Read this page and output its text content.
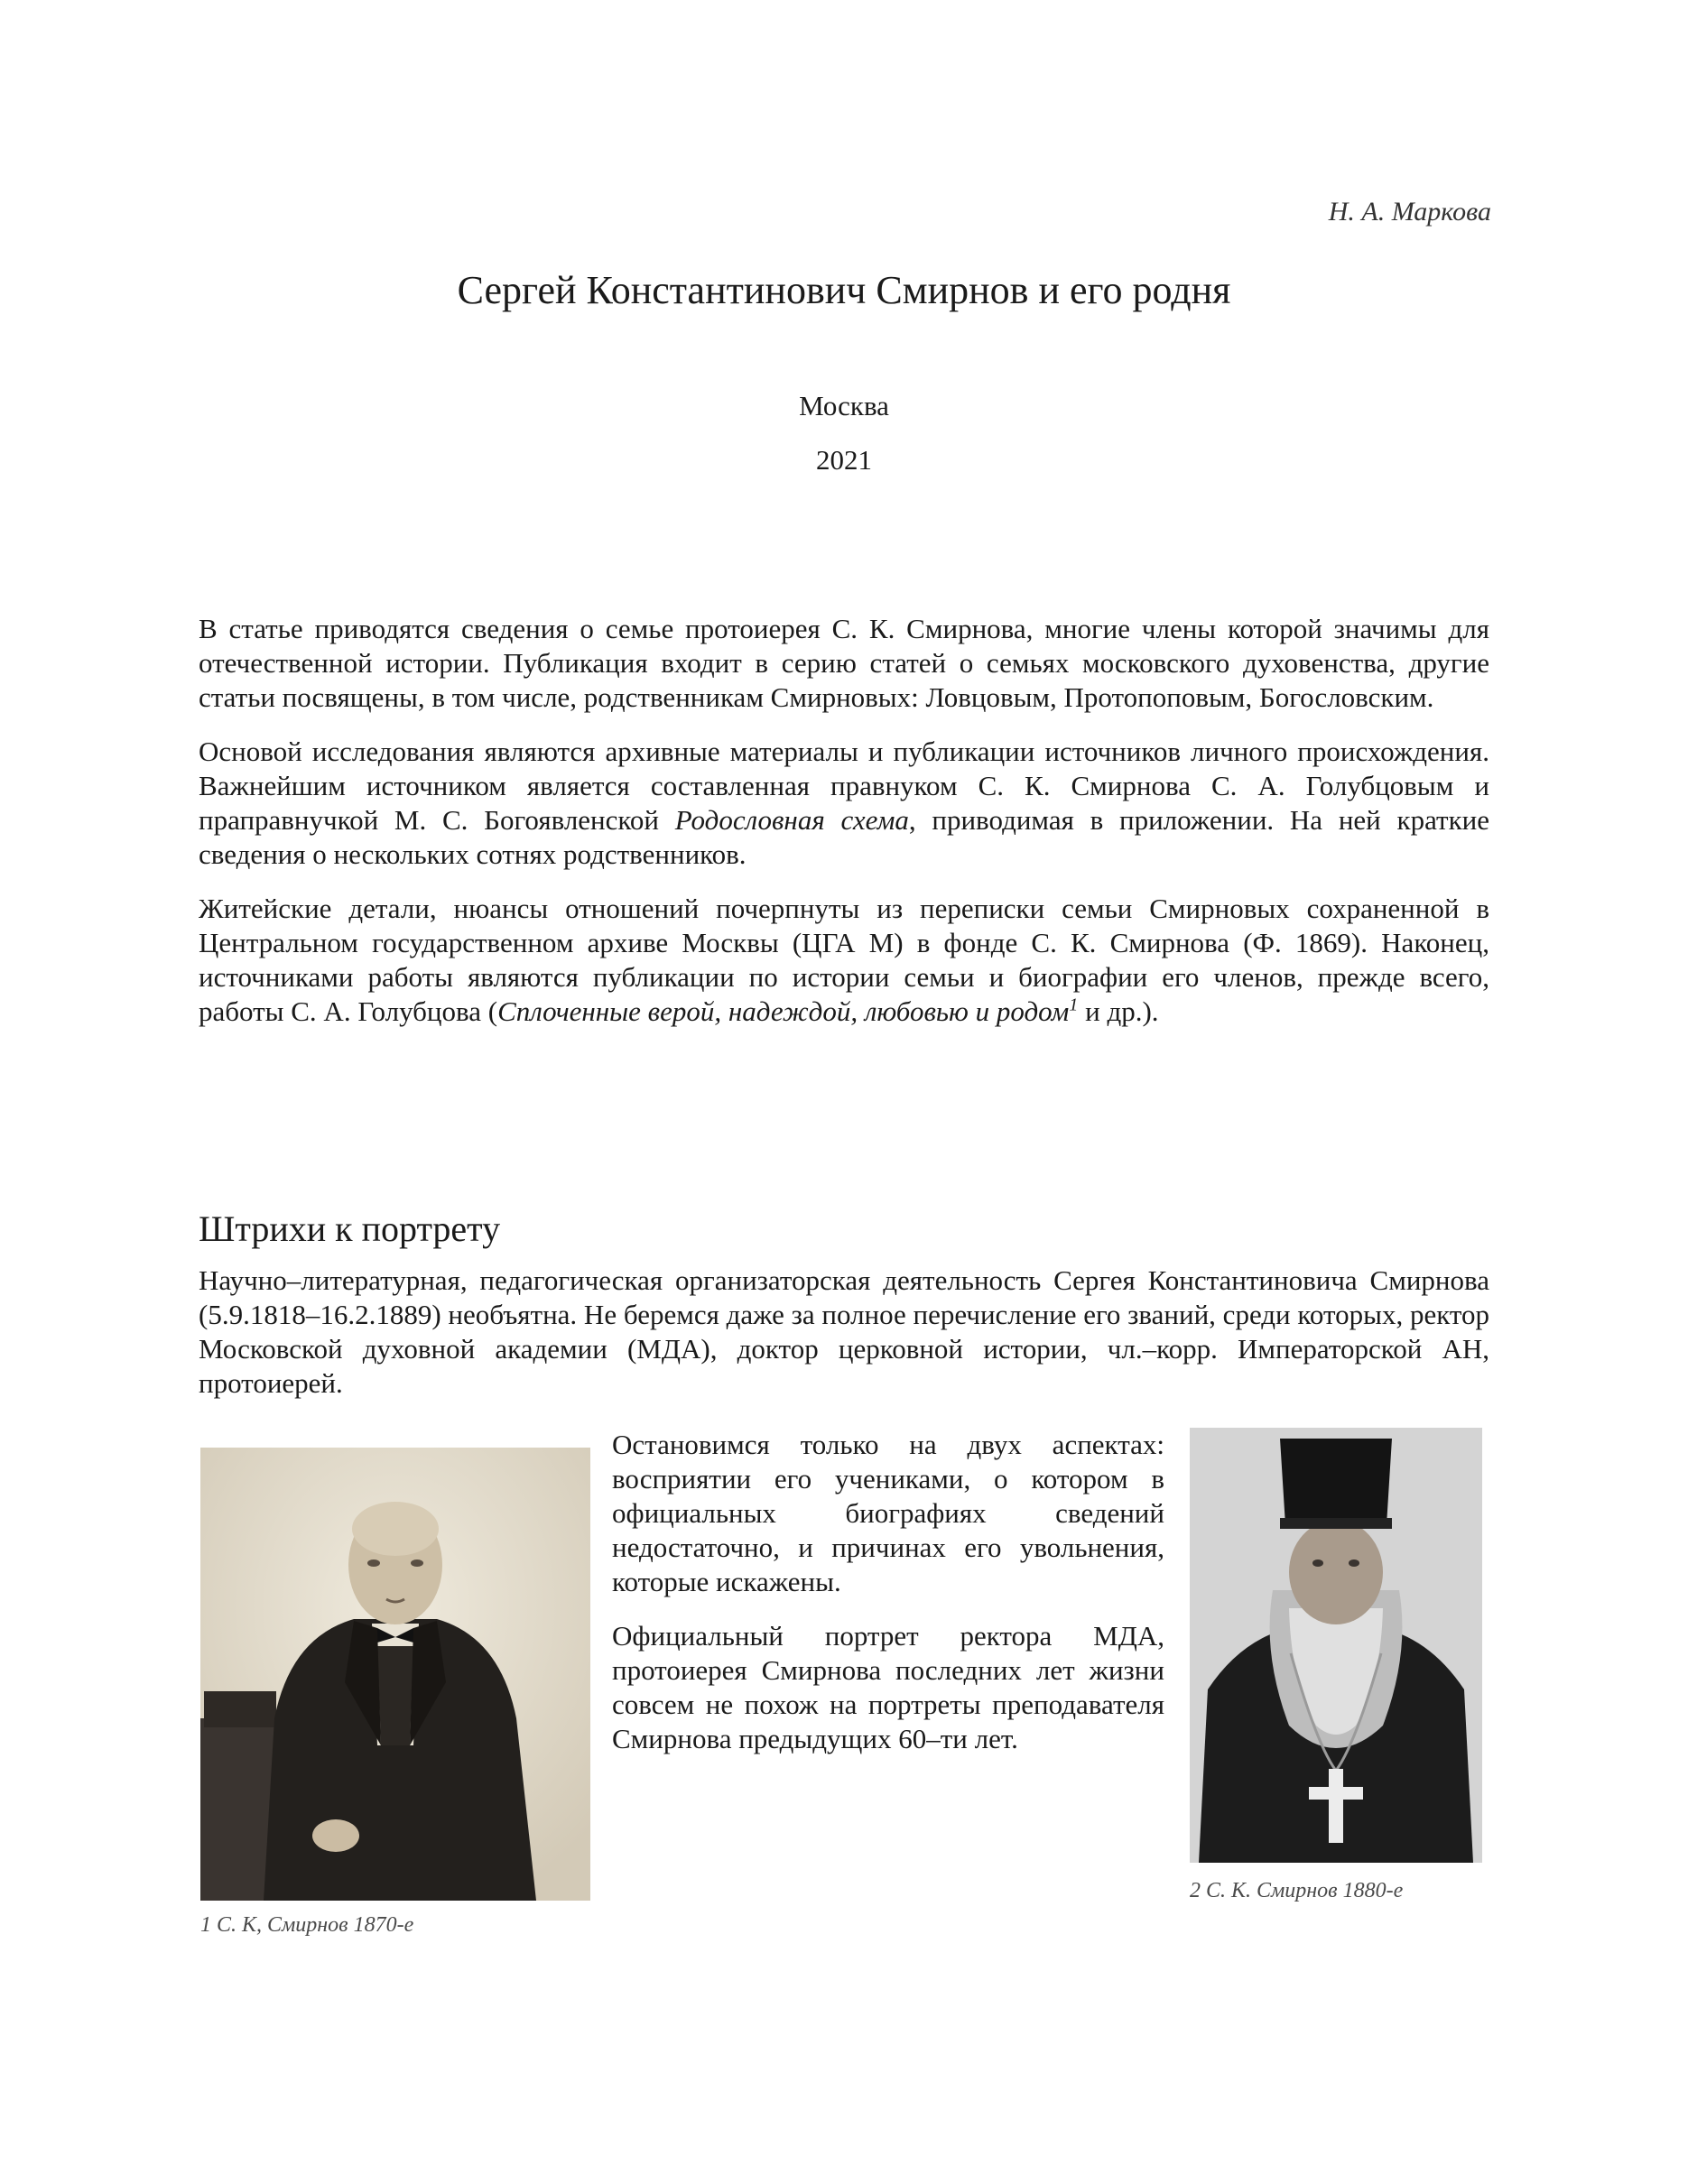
Н. А. Маркова
Сергей Константинович Смирнов и его родня
Москва
2021

В статье приводятся сведения о семье протоиерея С. К. Смирнова, многие члены которой значимы для отечественной истории. Публикация входит в серию статей о семьях московского духовенства, другие статьи посвящены, в том числе, родственникам Смирновых: Ловцовым, Протопоповым, Богословским.

Основой исследования являются архивные материалы и публикации источников личного происхождения. Важнейшим источником является составленная правнуком С. К. Смирнова С. А. Голубцовым и праправнучкой М. С. Богоявленской Родословная схема, приводимая в приложении. На ней краткие сведения о нескольких сотнях родственников.

Житейские детали, нюансы отношений почерпнуты из переписки семьи Смирновых сохраненной в Центральном государственном архиве Москвы (ЦГА М) в фонде С. К. Смирнова (Ф. 1869). Наконец, источниками работы являются публикации по истории семьи и биографии его членов, прежде всего, работы С. А. Голубцова (Сплоченные верой, надеждой, любовью и родом$^1$ и др.).

Штрихи к портрету

Научно–литературная, педагогическая организаторская деятельность Сергея Константиновича Смирнова (5.9.1818–16.2.1889) необъятна. Не беремся даже за полное перечисление его званий, среди которых, ректор Московской духовной академии (МДА), доктор церковной истории, чл.–корр. Императорской АН, протоиерей.

Остановимся только на двух аспектах: восприятии его учениками, о котором в официальных биографиях сведений недостаточно, и причинах его увольнения, которые искажены.

Официальный портрет ректора МДА, протоиерея Смирнова последних лет жизни совсем не похож на портреты преподавателя Смирнова предыдущих 60–ти лет.

2 С. К. Смирнов 1880-е
1 С. К, Смирнов 1870-е
